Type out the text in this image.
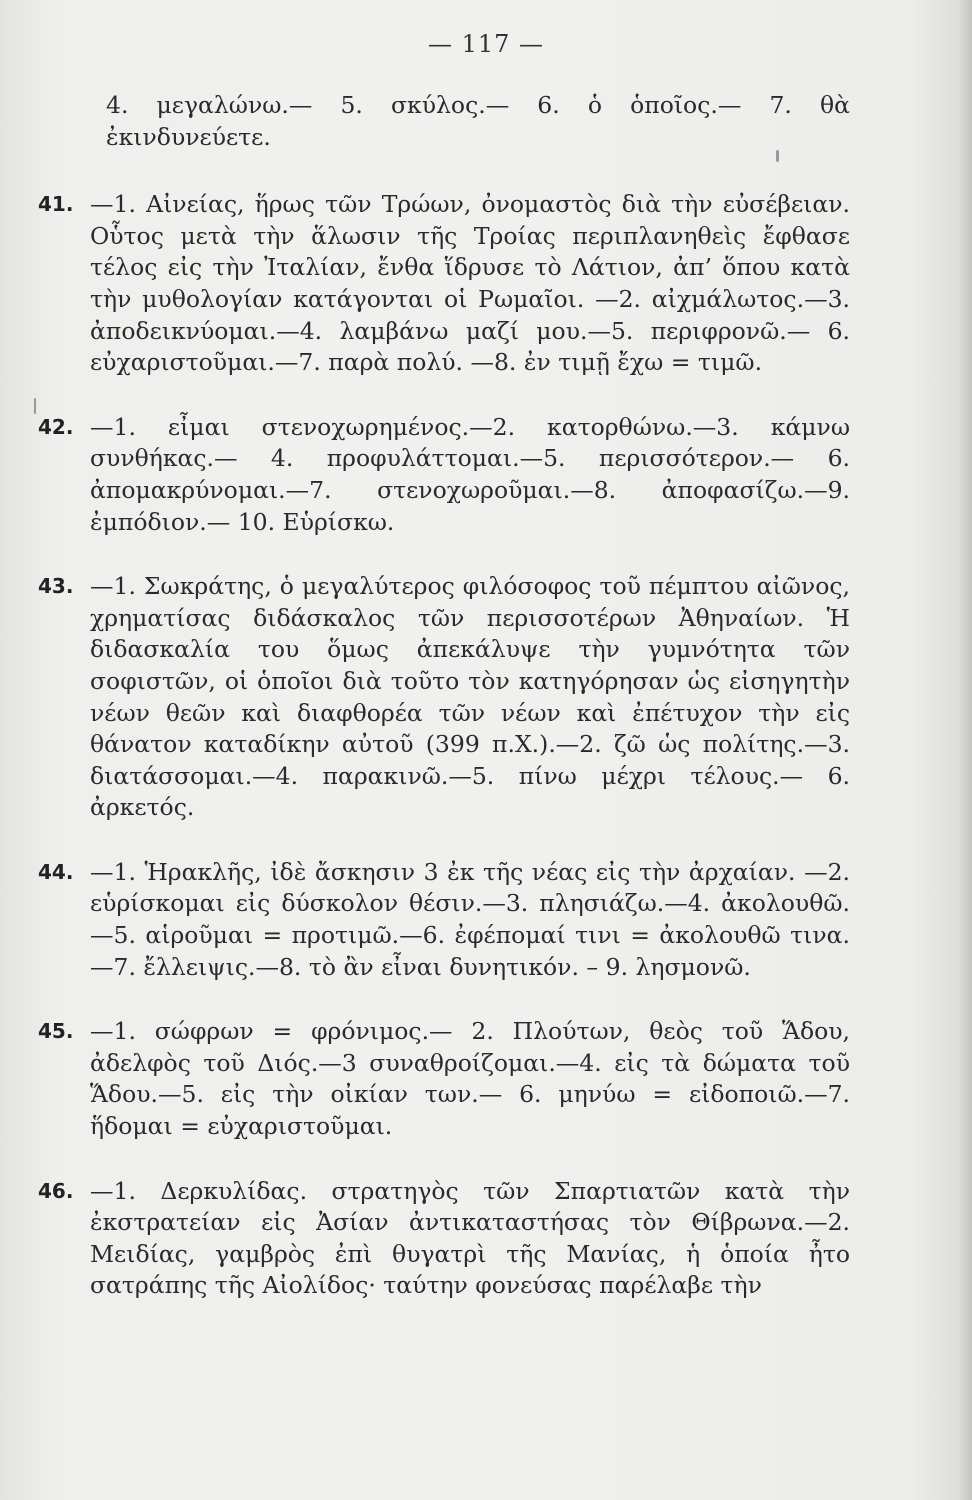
— 117 —
4. μεγαλώνω.— 5. σκύλος.— 6. ὁ ὁποῖος.— 7. θὰ ἐκινδυνεύετε.
41. —1. Αἰνείας, ἥρως τῶν Τρώων, ὀνομαστὸς διὰ τὴν εὐσέβειαν. Οὗτος μετὰ τὴν ἅλωσιν τῆς Τροίας περιπλανηθεὶς ἔφθασε τέλος εἰς τὴν Ἰταλίαν, ἔνθα ἵδρυσε τὸ Λάτιον, ἀπ’ ὅπου κατὰ τὴν μυθολογίαν κατάγονται οἱ Ρωμαῖοι. —2. αἰχμάλωτος.—3. ἀποδεικνύομαι.—4. λαμβάνω μαζί μου.—5. περιφρονῶ.— 6. εὐχαριστοῦμαι.—7. παρὰ πολύ. —8. ἐν τιμῇ ἔχω = τιμῶ.
42. —1. εἶμαι στενοχωρημένος.—2. κατορθώνω.—3. κάμνω συνθήκας.— 4. προφυλάττομαι.—5. περισσότερον.— 6. ἀπομακρύνομαι.—7. στενοχωροῦμαι.—8. ἀποφασίζω.—9. ἐμπόδιον.— 10. Εὑρίσκω.
43. —1. Σωκράτης, ὁ μεγαλύτερος φιλόσοφος τοῦ πέμπτου αἰῶνος, χρηματίσας διδάσκαλος τῶν περισσοτέρων Ἀθηναίων. Ἡ διδασκαλία του ὅμως ἀπεκάλυψε τὴν γυμνότητα τῶν σοφιστῶν, οἱ ὁποῖοι διὰ τοῦτο τὸν κατηγόρησαν ὡς εἰσηγητὴν νέων θεῶν καὶ διαφθορέα τῶν νέων καὶ ἐπέτυχον τὴν εἰς θάνατον καταδίκην αὐτοῦ (399 π.Χ.).—2. ζῶ ὡς πολίτης.—3. διατάσσομαι.—4. παρακινῶ.—5. πίνω μέχρι τέλους.— 6. ἀρκετός.
44. —1. Ἡρακλῆς, ἰδὲ ἄσκησιν 3 ἐκ τῆς νέας εἰς τὴν ἀρχαίαν. —2. εὑρίσκομαι εἰς δύσκολον θέσιν.—3. πλησιάζω.—4. ἀκολουθῶ.—5. αἱροῦμαι = προτιμῶ.—6. ἐφέπομαί τινι = ἀκολουθῶ τινα.—7. ἔλλειψις.—8. τὸ ἂν εἶναι δυνητικόν. – 9. λησμονῶ.
45. —1. σώφρων = φρόνιμος.— 2. Πλούτων, θεὸς τοῦ Ἅδου, ἀδελφὸς τοῦ Διός.—3 συναθροίζομαι.—4. εἰς τὰ δώματα τοῦ Ἅδου.—5. εἰς τὴν οἰκίαν των.— 6. μηνύω = εἰδοποιῶ.—7. ἥδομαι = εὐχαριστοῦμαι.
46. —1. Δερκυλίδας. στρατηγὸς τῶν Σπαρτιατῶν κατὰ τὴν ἐκστρατείαν εἰς Ἀσίαν ἀντικαταστήσας τὸν Θίβρωνα.—2. Μειδίας, γαμβρὸς ἐπὶ θυγατρὶ τῆς Μανίας, ἡ ὁποία ἦτο σατράπης τῆς Αἰολίδος· ταύτην φονεύσας παρέλαβε τὴν
